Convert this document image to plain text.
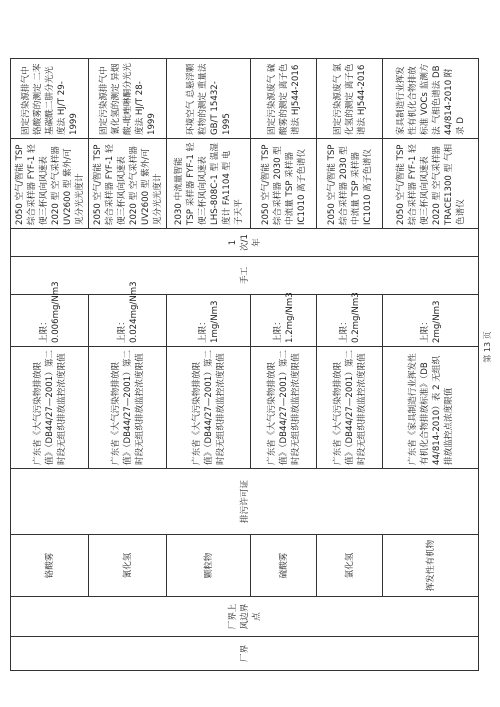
厂界	厂界上风边界点	铬酸雾	排污许可证	广东省《大气污染物排放限值》（DB44/27—2001）第二时段无组织排放监控浓度限值	上限：0.006mg/Nm3	手工	1次/1年	2050 空气/智能 TSP 综合采样器 FYF-1 轻便三杯风向风速表 2020 型 空气采样器 UV2600 型 紫外/可见分光光度计	固定污染源排气中铬酸雾的测定 二苯基碳酰二肼分光光度法 HJ/T 29-1999
		氰化氢		广东省《大气污染物排放限值》（DB44/27—2001）第二时段无组织排放监控浓度限值	上限：0.024mg/Nm3			2050 空气/智能 TSP 综合采样器 FYF-1 轻便三杯风向风速表 2020 型 空气采样器 UV2600 型 紫外/可见分光光度计	固定污染源排气中氰化氢的测定 异烟酸-吡唑啉酮分光光度法 HJ/T 28-1999
		颗粒物		广东省《大气污染物排放限值》（DB44/27—2001）第二时段无组织排放监控浓度限值	上限：1mg/Nm3			2030 中流量智能 TSP 采样器 FYF-1 轻便三杯风向风速表 LHS-808C-1 型 温湿度计 FA1104 型 电子天平	环境空气 总悬浮颗粒物的测定 重量法 GB/T 15432-1995
		硫酸雾		广东省《大气污染物排放限值》（DB44/27—2001）第二时段无组织排放监控浓度限值	上限：1.2mg/Nm3			2050 空气/智能 TSP 综合采样器 2030 型 中流量 TSP 采样器 IC1010 离子色谱仪	固定污染源废气 硫酸雾的测定 离子色谱法 HJ544-2016
		氯化氢		广东省《大气污染物排放限值》（DB44/27—2001）第二时段无组织排放监控浓度限值	上限：0.2mg/Nm3			2050 空气/智能 TSP 综合采样器 2030 型 中流量 TSP 采样器 IC1010 离子色谱仪	固定污染源废气 氯化氢的测定 离子色谱法 HJ544-2016
		挥发性有机物		广东省《家具制造行业挥发性有机化合物排放标准》（DB 44/814-2010）表 2 无组织排放监控点浓度限值	上限：2mg/Nm3			2050 空气/智能 TSP 综合采样器 FYF-1 轻便三杯风向风速表 2020 型 空气采样器 TRACE1300 型 气相色谱仪	家具制造行业挥发性有机化合物排放标准 VOCs 监测方法 气相色谱法 DB 44/814-2010 附录 D
第 13 页
